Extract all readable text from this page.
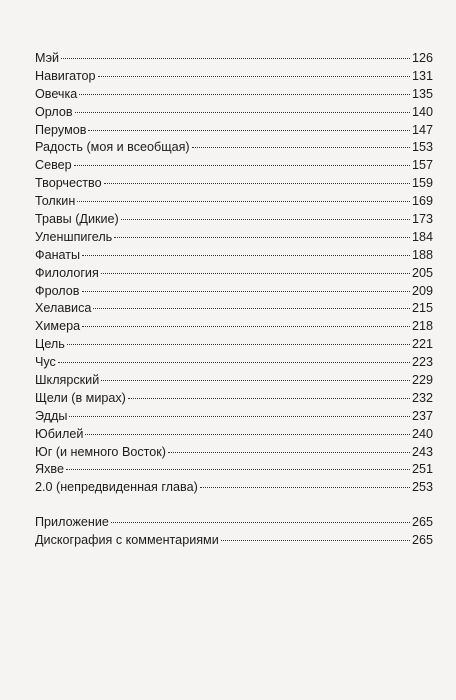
Мэй	126
Навигатор	131
Овечка	135
Орлов	140
Перумов	147
Радость (моя и всеобщая)	153
Север	157
Творчество	159
Толкин	169
Травы (Дикие)	173
Уленшпигель	184
Фанаты	188
Филология	205
Фролов	209
Хелависа	215
Химера	218
Цель	221
Чус	223
Шклярский	229
Щели (в мирах)	232
Эдды	237
Юбилей	240
Юг (и немного Восток)	243
Яхве	251
2.0 (непредвиденная глава)	253
Приложение	265
Дискография с комментариями	265
